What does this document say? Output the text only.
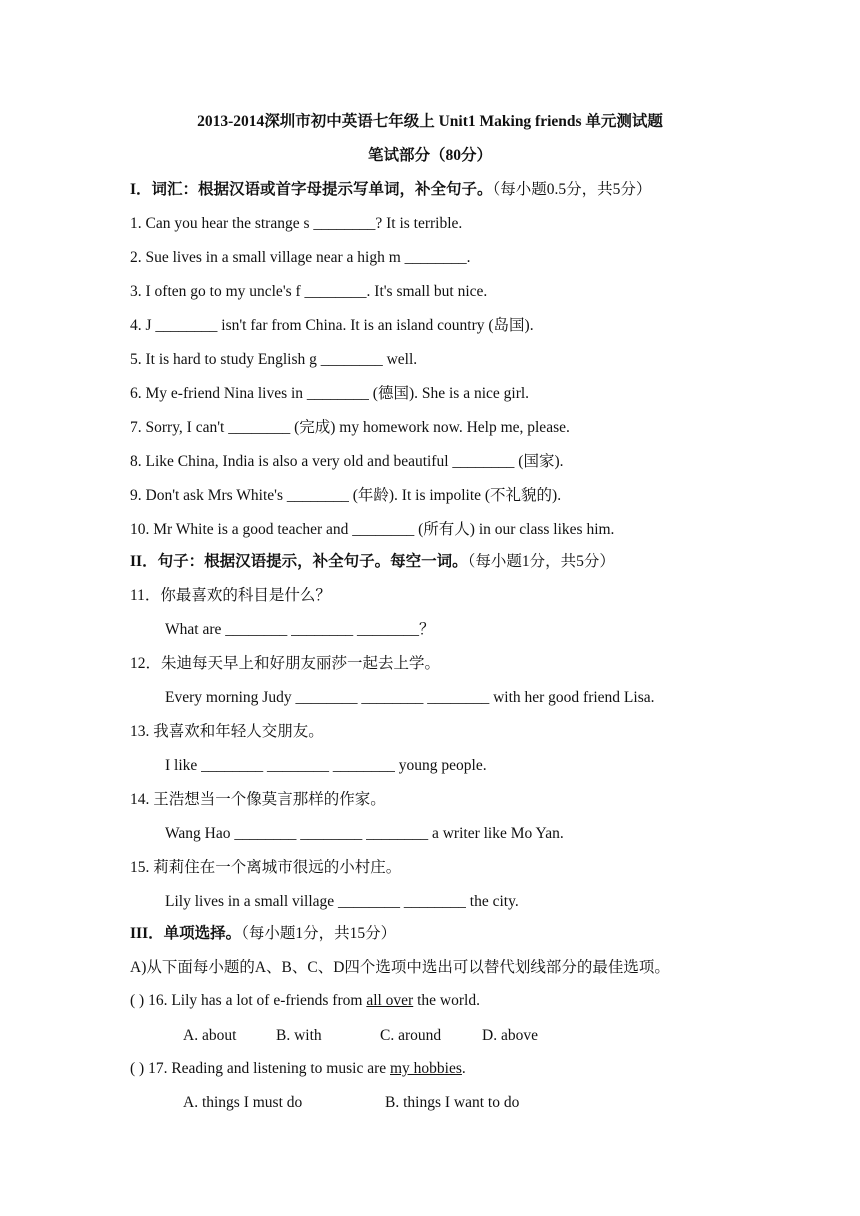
2013-2014深圳市初中英语七年级上 Unit1 Making friends 单元测试题
笔试部分（80分）
I．词汇：根据汉语或首字母提示写单词，补全句子。（每小题0.5分，共5分）
1. Can you hear the strange s ________? It is terrible.
2. Sue lives in a small village near a high m ________.
3. I often go to my uncle's f ________. It's small but nice.
4. J ________ isn't far from China. It is an island country (岛国).
5. It is hard to study English g ________ well.
6. My e-friend Nina lives in ________ (德国). She is a nice girl.
7. Sorry, I can't ________ (完成) my homework now. Help me, please.
8. Like China, India is also a very old and beautiful ________ (国家).
9. Don't ask Mrs White's ________ (年龄). It is impolite (不礼貌的).
10. Mr White is a good teacher and ________ (所有人) in our class likes him.
II．句子：根据汉语提示，补全句子。每空一词。（每小题1分，共5分）
11．你最喜欢的科目是什么？
What are ________ ________ ________？
12．朱迪每天早上和好朋友丽莎一起去上学。
Every morning Judy ________ ________ ________ with her good friend Lisa.
13. 我喜欢和年轻人交朋友。
I like ________ ________ ________ young people.
14. 王浩想当一个像莫言那样的作家。
Wang Hao ________ ________ ________ a writer like Mo Yan.
15. 莉莉住在一个离城市很远的小村庄。
Lily lives in a small village ________ ________ the city.
III．单项选择。（每小题1分，共15分）
A)从下面每小题的A、B、C、D四个选项中选出可以替代划线部分的最佳选项。
( ) 16. Lily has a lot of e-friends from all over the world.
A. about	B. with	C. around	D. above
( ) 17. Reading and listening to music are my hobbies.
A. things I must do	B. things I want to do
